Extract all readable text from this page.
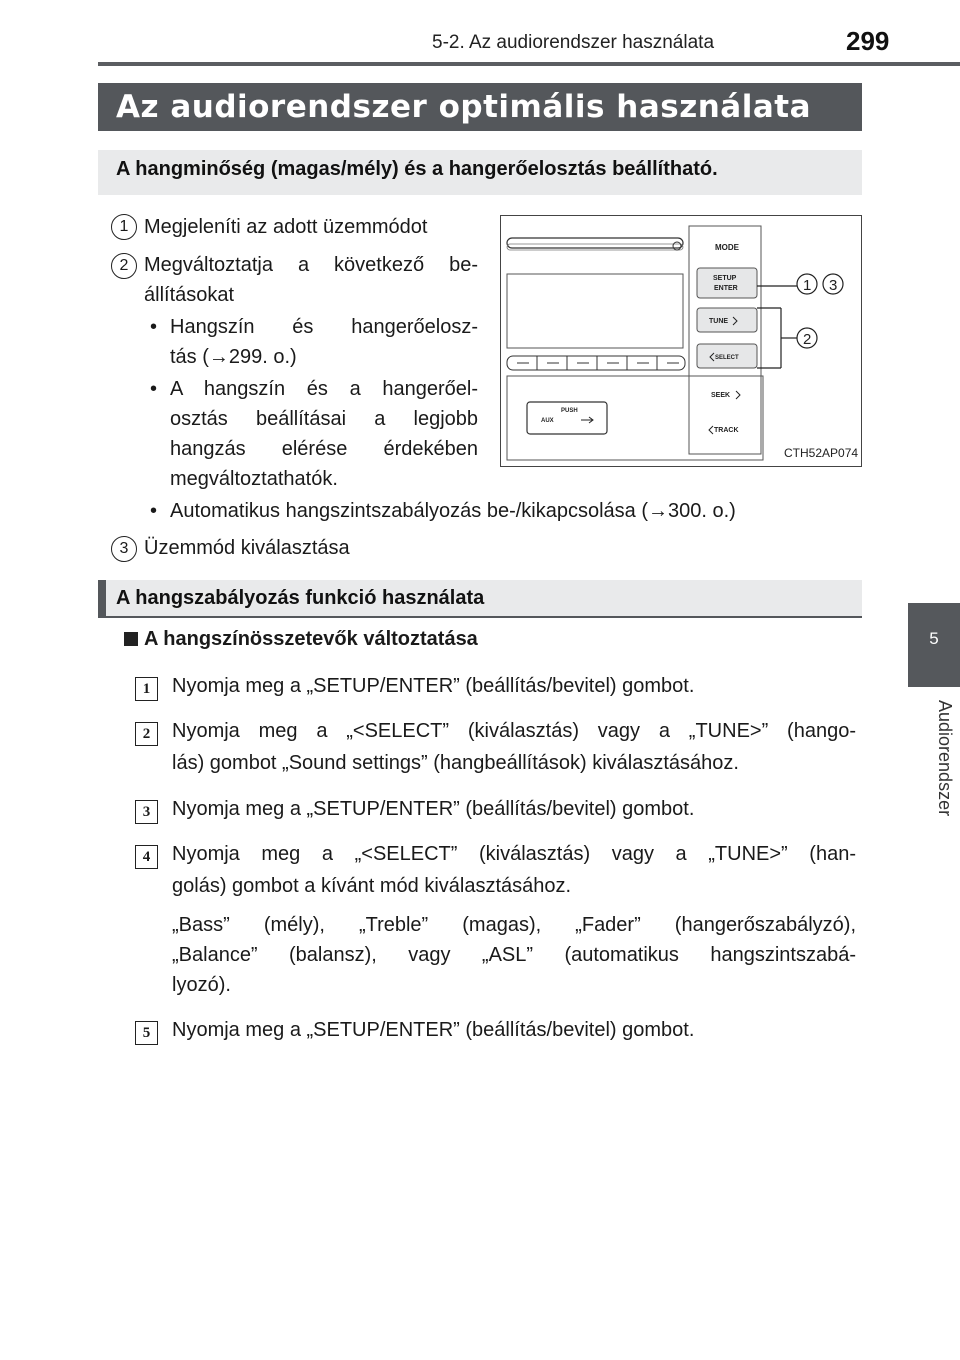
5-2. Az audiorendszer használata	299
5
Audiorendszer
Az audiorendszer optimális használata
A hangminőség (magas/mély) és a hangerőelosztás beállítható.
1 Megjeleníti az adott üzemmódot
2 Megváltoztatja a következő be-
állításokat
• Hangszín és hangerőelosz-
tás (→299. o.)
• A hangszín és a hangerőel-
osztás beállításai a legjobb
hangzás elérése érdekében
megváltoztathatók.
• Automatikus hangszintszabályozás be-/kikapcsolása (→300. o.)
3 Üzemmód kiválasztása
PUSH
AUX
MODE
SETUP
ENTER
TUNE
SELECT
SEEK
TRACK
1 3
2
CTH52AP074
A hangszabályozás funkció használata
A hangszínösszetevők változtatása
1	Nyomja meg a „SETUP/ENTER” (beállítás/bevitel) gombot.
2	Nyomja meg a „<SELECT” (kiválasztás) vagy a „TUNE>” (hango-
lás) gombot „Sound settings” (hangbeállítások) kiválasztásához.
3	Nyomja meg a „SETUP/ENTER” (beállítás/bevitel) gombot.
4	Nyomja meg a „<SELECT” (kiválasztás) vagy a „TUNE>” (han-
golás) gombot a kívánt mód kiválasztásához.
„Bass” (mély), „Treble” (magas), „Fader” (hangerőszabályzó),
„Balance” (balansz), vagy „ASL” (automatikus hangszintszabá-
lyozó).
5	Nyomja meg a „SETUP/ENTER” (beállítás/bevitel) gombot.
